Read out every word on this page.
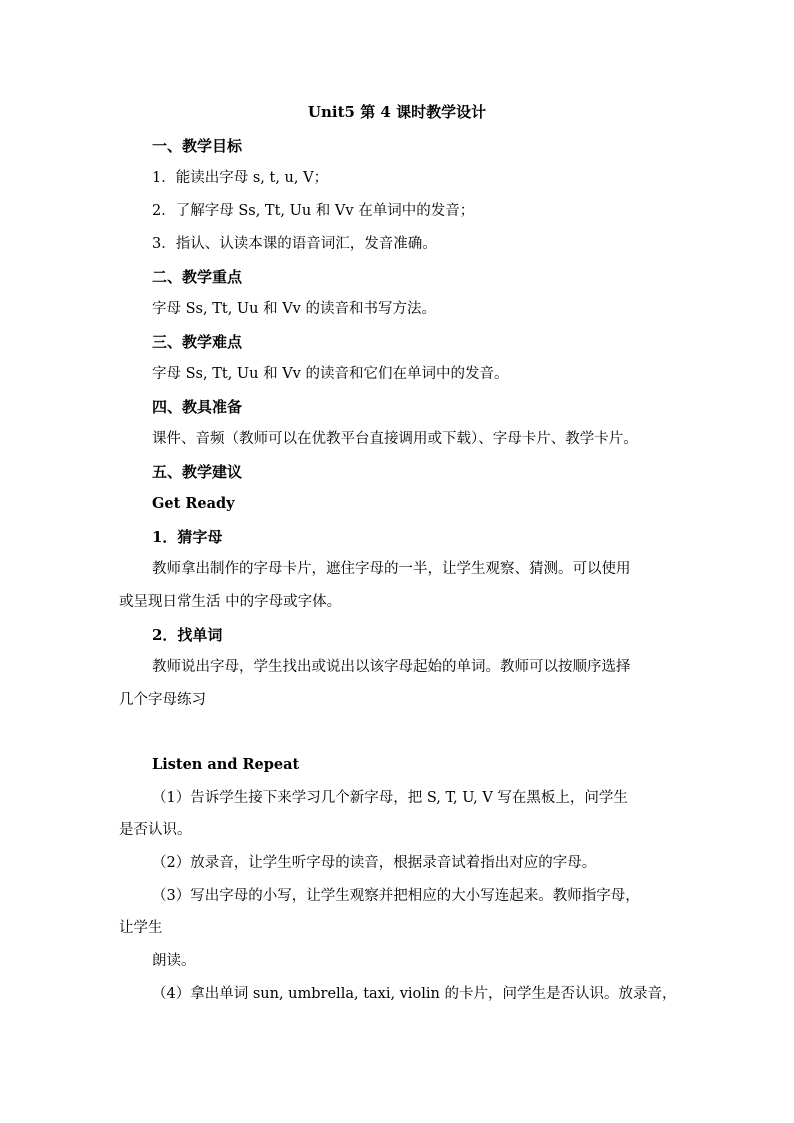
Unit5 第 4 课时教学设计
一、教学目标
1．能读出字母 s, t, u, V；
2．了解字母 Ss, Tt, Uu 和 Vv 在单词中的发音；
3．指认、认读本课的语音词汇，发音准确。
二、教学重点
字母 Ss, Tt, Uu 和 Vv 的读音和书写方法。
三、教学难点
字母 Ss, Tt, Uu 和 Vv 的读音和它们在单词中的发音。
四、教具准备
课件、音频（教师可以在优教平台直接调用或下载）、字母卡片、教学卡片。
五、教学建议
Get Ready
1．猜字母
教师拿出制作的字母卡片，遮住字母的一半，让学生观察、猜测。可以使用
或呈现日常生活 中的字母或字体。
2．找单词
教师说出字母，学生找出或说出以该字母起始的单词。教师可以按顺序选择
几个字母练习
Listen and Repeat
（1）告诉学生接下来学习几个新字母，把 S, T, U, V 写在黑板上，问学生
是否认识。
（2）放录音，让学生听字母的读音，根据录音试着指出对应的字母。
（3）写出字母的小写，让学生观察并把相应的大小写连起来。教师指字母，
让学生
朗读。
（4）拿出单词 sun, umbrella, taxi, violin 的卡片，问学生是否认识。放录音，
